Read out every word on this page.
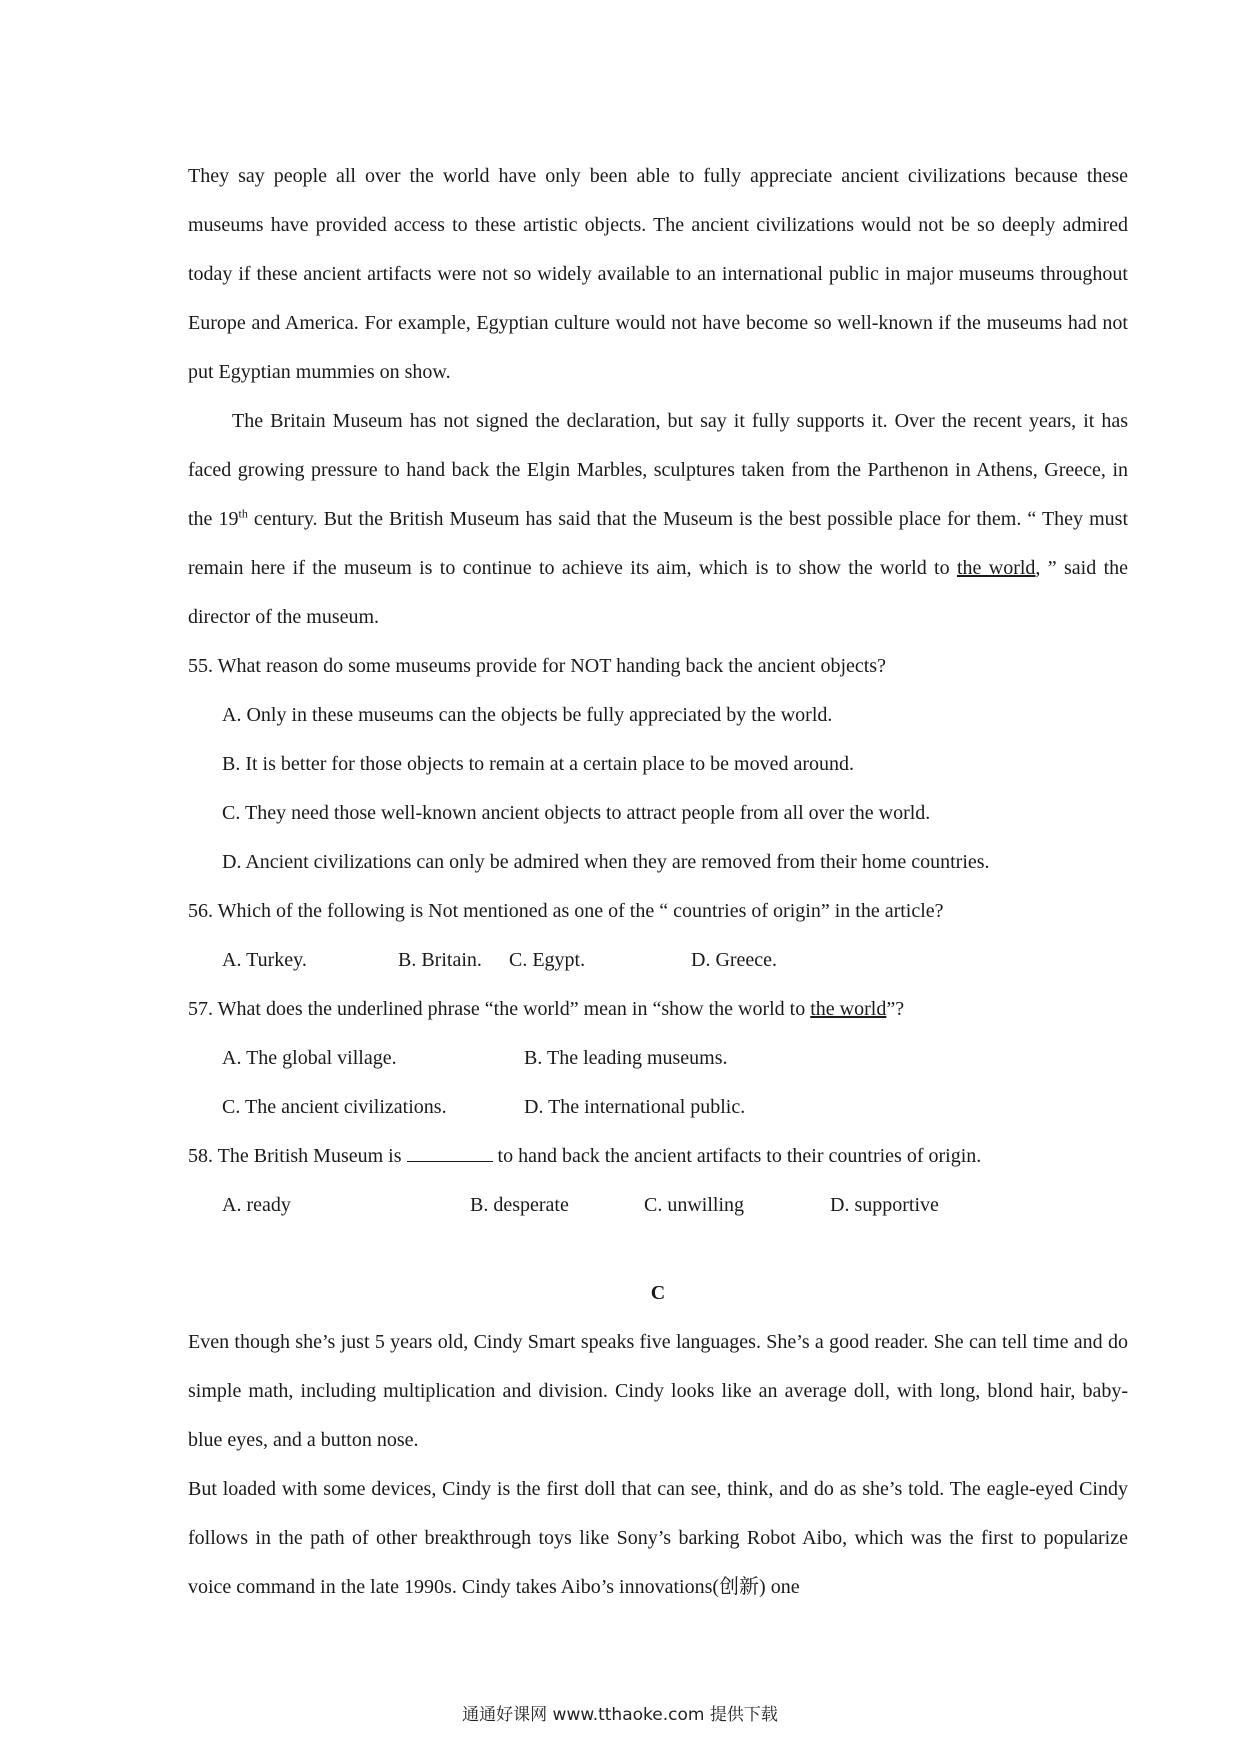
They say people all over the world have only been able to fully appreciate ancient civilizations because these museums have provided access to these artistic objects. The ancient civilizations would not be so deeply admired today if these ancient artifacts were not so widely available to an international public in major museums throughout Europe and America. For example, Egyptian culture would not have become so well-known if the museums had not put Egyptian mummies on show.

The Britain Museum has not signed the declaration, but say it fully supports it. Over the recent years, it has faced growing pressure to hand back the Elgin Marbles, sculptures taken from the Parthenon in Athens, Greece, in the 19th century. But the British Museum has said that the Museum is the best possible place for them. “ They must remain here if the museum is to continue to achieve its aim, which is to show the world to the world, ” said the director of the museum.

55. What reason do some museums provide for NOT handing back the ancient objects?

A. Only in these museums can the objects be fully appreciated by the world.

B. It is better for those objects to remain at a certain place to be moved around.

C. They need those well-known ancient objects to attract people from all over the world.

D. Ancient civilizations can only be admired when they are removed from their home countries.

56. Which of the following is Not mentioned as one of the “ countries of origin” in the article?

A. Turkey.	B. Britain. C. Egypt.	D. Greece.

57. What does the underlined phrase “the world” mean in “show the world to the world”?

A. The global village.	B. The leading museums.
C. The ancient civilizations.	D. The international public.

58. The British Museum is	to hand back the ancient artifacts to their countries of origin.

A. ready	B. desperate	C. unwilling	D. supportive

C

Even though she’s just 5 years old, Cindy Smart speaks five languages. She’s a good reader. She can tell time and do simple math, including multiplication and division. Cindy looks like an average doll, with long, blond hair, baby-blue eyes, and a button nose.

But loaded with some devices, Cindy is the first doll that can see, think, and do as she’s told. The eagle-eyed Cindy follows in the path of other breakthrough toys like Sony’s barking Robot Aibo, which was the first to popularize voice command in the late 1990s. Cindy takes Aibo’s innovations(创新) one

通通好课网 www.tthaoke.com 提供下载
